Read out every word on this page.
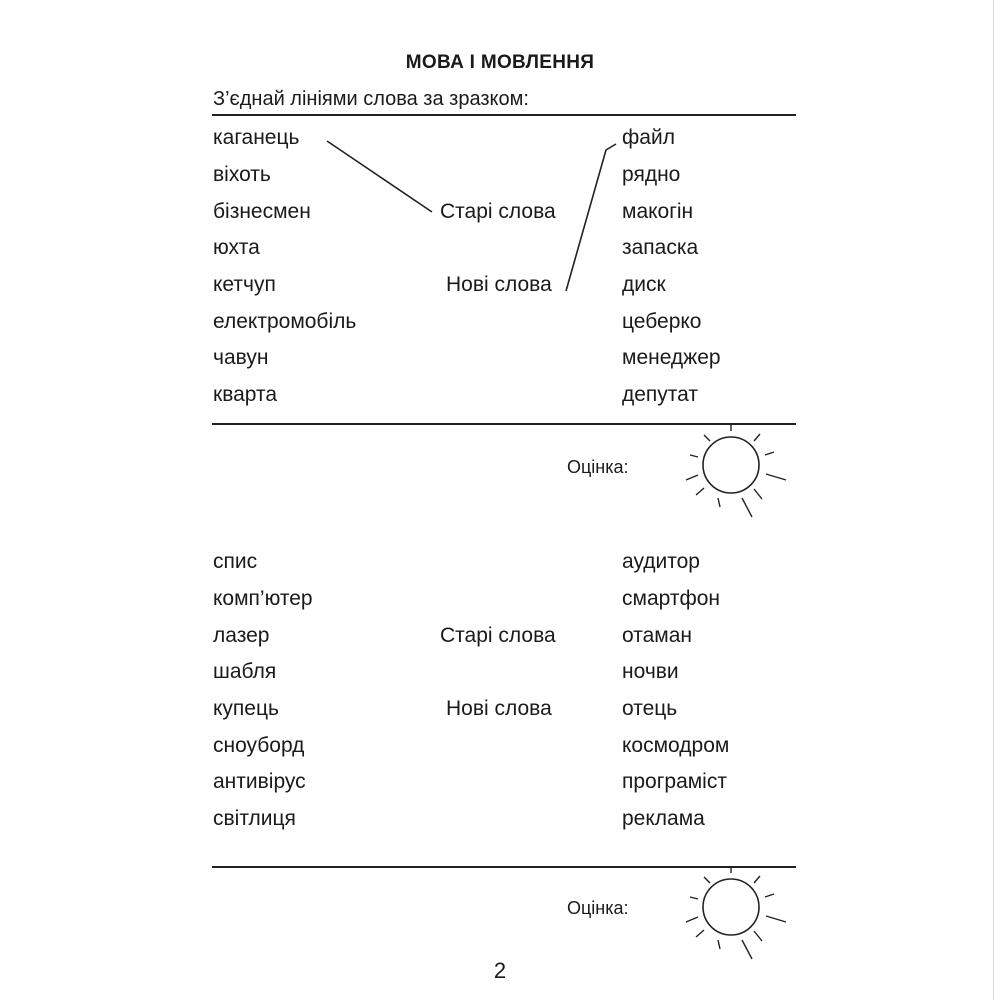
МОВА І МОВЛЕННЯ
З’єднай лініями слова за зразком:
каганець
віхоть
бізнесмен
юхта
кетчуп
електромобіль
чавун
кварта
Старі слова
Нові слова
файл
рядно
макогін
запаска
диск
цеберко
менеджер
депутат
Оцінка:
спис
комп’ютер
лазер
шабля
купець
сноуборд
антивірус
світлиця
Старі слова
Нові слова
аудитор
смартфон
отаман
ночви
отець
космодром
програміст
реклама
Оцінка:
2
